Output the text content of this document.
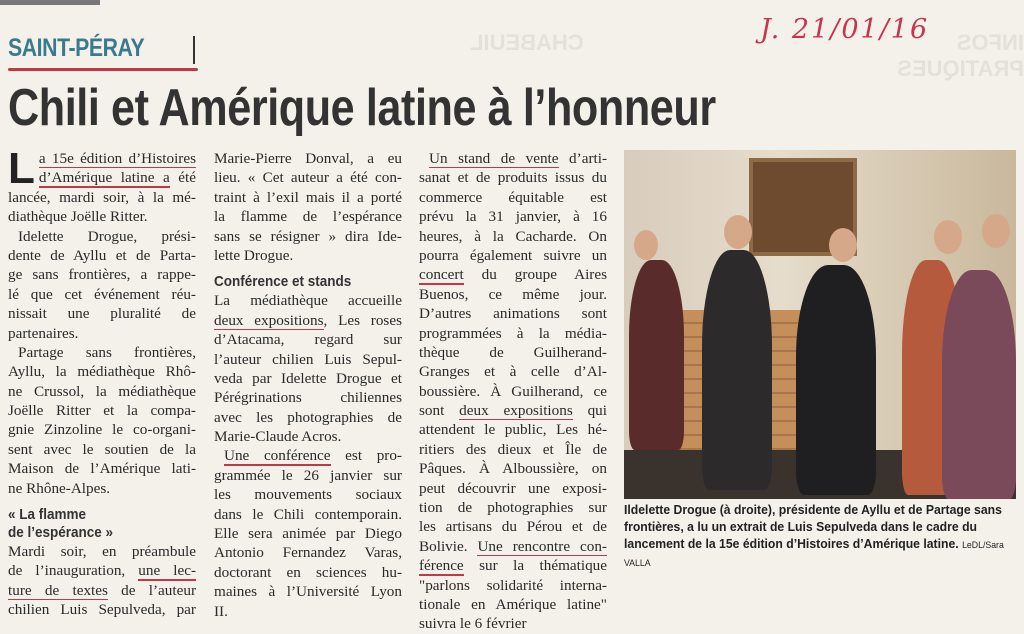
CHABEUIL	INFOS PRATIQUES
SAINT-PÉRAY
J. 21/01/16
Chili et Amérique latine à l’honneur
L a 15e édition d’Histoires
d’Amérique latine a été
lancée, mardi soir, à la mé-
diathèque Joëlle Ritter.
Idelette Drogue, prési-
dente de Ayllu et de Parta-
ge sans frontières, a rappe-
lé que cet événement réu-
nissait une pluralité de
partenaires.
Partage sans frontières,
Ayllu, la médiathèque Rhô-
ne Crussol, la médiathèque
Joëlle Ritter et la compa-
gnie Zinzoline le co-organi-
sent avec le soutien de la
Maison de l’Amérique lati-
ne Rhône-Alpes.
« La flamme
de l’espérance »
Mardi soir, en préambule
de l’inauguration, une lec-
ture de textes de l’auteur
chilien Luis Sepulveda, par
Marie-Pierre Donval, a eu
lieu. « Cet auteur a été con-
traint à l’exil mais il a porté
la flamme de l’espérance
sans se résigner » dira Ide-
lette Drogue.
Conférence et stands
La médiathèque accueille
deux expositions, Les roses
d’Atacama, regard sur
l’auteur chilien Luis Sepul-
veda par Idelette Drogue et
Pérégrinations chiliennes
avec les photographies de
Marie-Claude Acros.
Une conférence est pro-
grammée le 26 janvier sur
les mouvements sociaux
dans le Chili contemporain.
Elle sera animée par Diego
Antonio Fernandez Varas,
doctorant en sciences hu-
maines à l’Université Lyon
II.
Un stand de vente d’arti-
sanat et de produits issus du
commerce équitable est
prévu la 31 janvier, à 16
heures, à la Cacharde. On
pourra également suivre un
concert du groupe Aires
Buenos, ce même jour.
D’autres animations sont
programmées à la média-
thèque de Guilherand-
Granges et à celle d’Al-
boussière. À Guilherand, ce
sont deux expositions qui
attendent le public, Les hé-
ritiers des dieux et Île de
Pâques. À Alboussière, on
peut découvrir une exposi-
tion de photographies sur
les artisans du Pérou et de
Bolivie. Une rencontre con-
férence sur la thématique
"parlons solidarité interna-
tionale en Amérique latine"
suivra le 6 février
Ildelette Drogue (à droite), présidente de Ayllu et de Partage sans frontières, a lu un extrait de Luis Sepulveda dans le cadre du lancement de la 15e édition d’Histoires d’Amérique latine. LeDL/Sara VALLA
